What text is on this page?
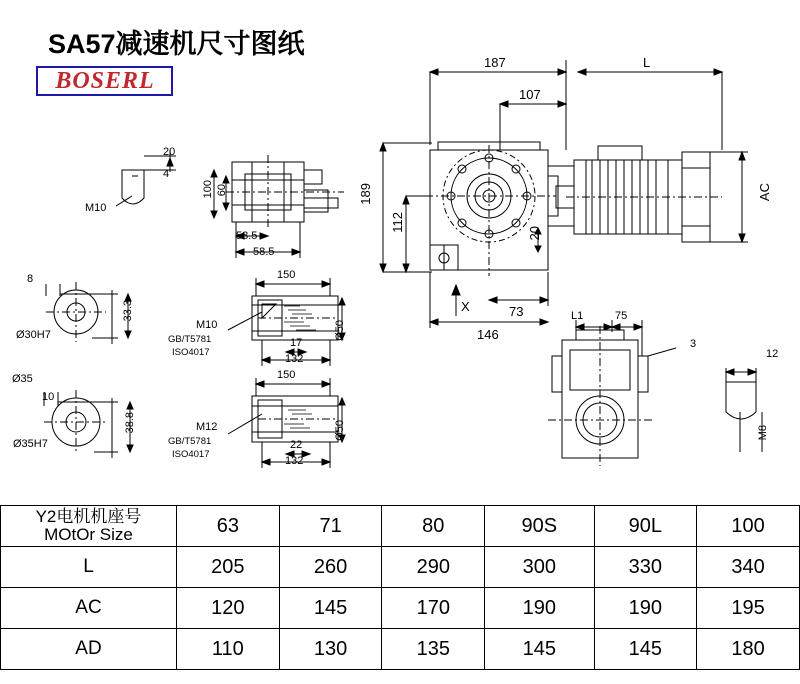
SA57减速机尺寸图纸
BOSERL
187	L
107
189
112
20
AC
73
146
X
L1	75
3
12
M8
20
4
M10
100 60
58.5
58.5
8
Ø30H7
33.3
Ø35
10
Ø35H7
38.8
150
M10
GB/T5781
ISO4017
17
132
Ø50
150
M12
GB/T5781
ISO4017
22
132
Ø50
Y2电机机座号
MOtOr Size	63	71	80	90S	90L	100
L	205	260	290	300	330	340
AC	120	145	170	190	190	195
AD	110	130	135	145	145	180
